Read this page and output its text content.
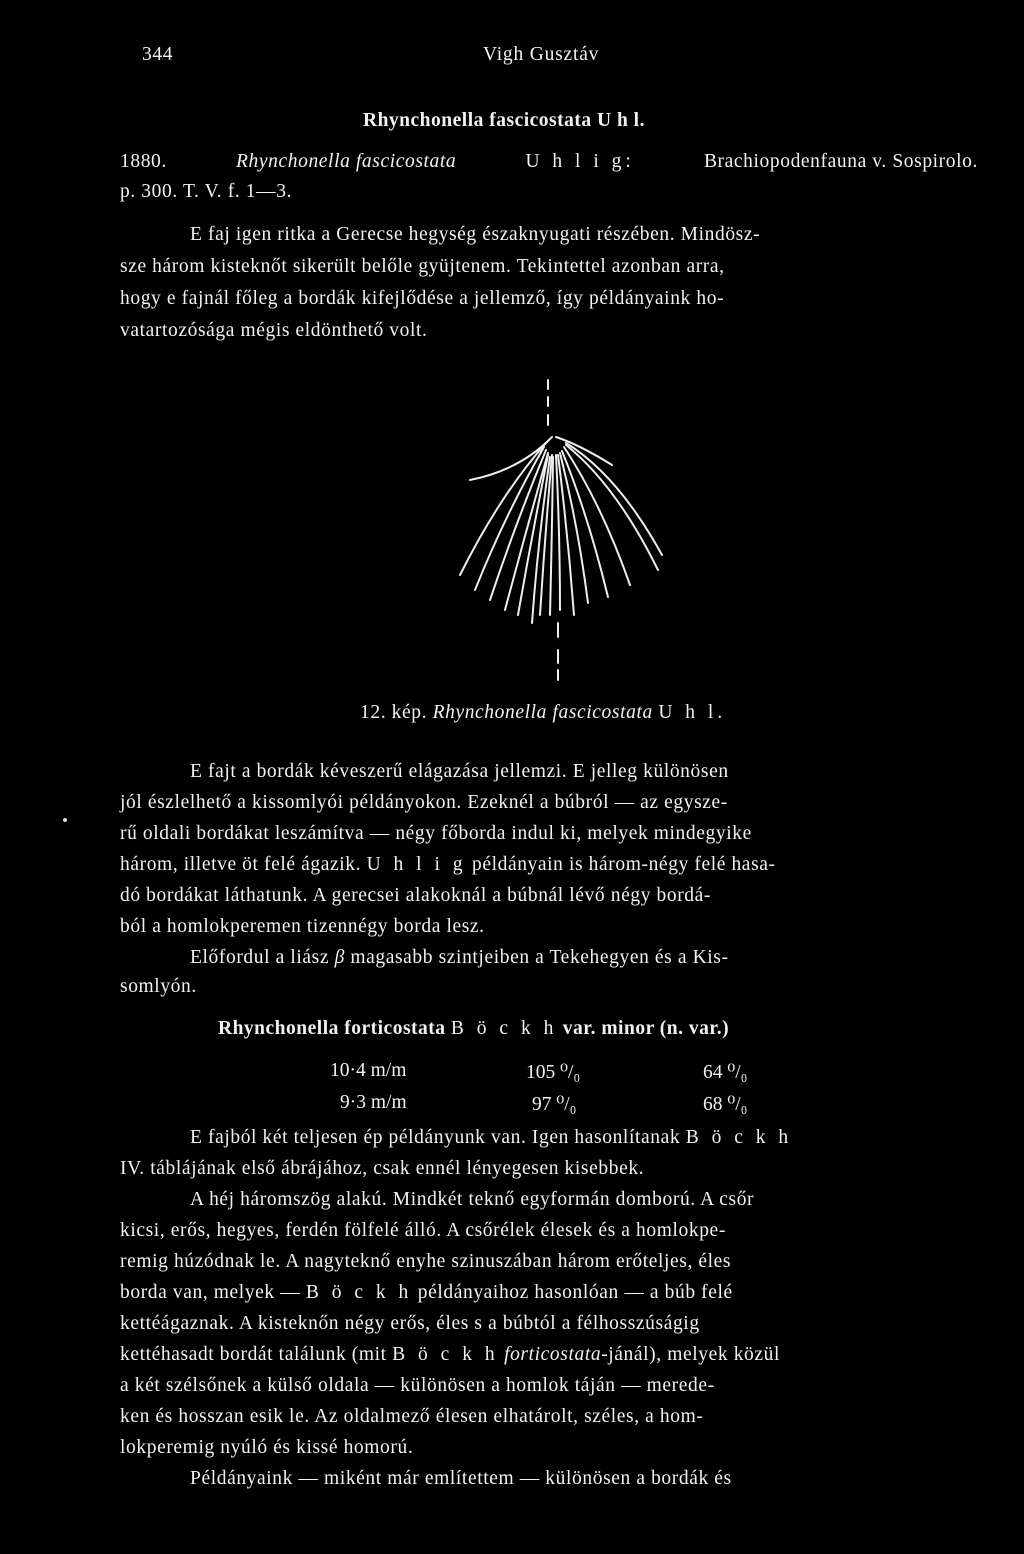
344	Vigh Gusztáv
Rhynchonella fascicostata U h l.
1880.	Rhynchonella fascicostata	U h l i g:	Brachiopodenfauna v. Sospirolo.
p. 300. T. V. f. 1—3.
E faj igen ritka a Gerecse hegység északnyugati részében. Mindösz-
sze három kisteknőt sikerült belőle gyüjtenem. Tekintettel azonban arra,
hogy e fajnál főleg a bordák kifejlődése a jellemző, így példányaink ho-
vatartozósága mégis eldönthető volt.
12. kép. Rhynchonella fascicostata U h l.
E fajt a bordák kéveszerű elágazása jellemzi. E jelleg különösen
jól észlelhető a kissomlyói példányokon. Ezeknél a búbról — az egysze-
rű oldali bordákat leszámítva — négy főborda indul ki, melyek mindegyike
három, illetve öt felé ágazik. U h l i g példányain is három-négy felé hasa-
dó bordákat láthatunk. A gerecsei alakoknál a búbnál lévő négy bordá-
ból a homlokperemen tizennégy borda lesz.
Előfordul a liász β magasabb szintjeiben a Tekehegyen és a Kis-
somlyón.
Rhynchonella forticostata B ö c k h var. minor (n. var.)
10·4 m/m	105 ⁰/₀	64 ⁰/₀
9·3 m/m	97 ⁰/₀	68 ⁰/₀
E fajból két teljesen ép példányunk van. Igen hasonlítanak B ö c k h
IV. táblájának első ábrájához, csak ennél lényegesen kisebbek.
A héj háromszög alakú. Mindkét teknő egyformán domború. A csőr
kicsi, erős, hegyes, ferdén fölfelé álló. A csőrélek élesek és a homlokpe-
remig húzódnak le. A nagyteknő enyhe szinuszában három erőteljes, éles
borda van, melyek — B ö c k h példányaihoz hasonlóan — a búb felé
kettéágaznak. A kisteknőn négy erős, éles s a búbtól a félhosszúságig
kettéhasadt bordát találunk (mit B ö c k h forticostata-jánál), melyek közül
a két szélsőnek a külső oldala — különösen a homlok táján — merede-
ken és hosszan esik le. Az oldalmező élesen elhatárolt, széles, a hom-
lokperemig nyúló és kissé homorú.
Példányaink — miként már említettem — különösen a bordák és
